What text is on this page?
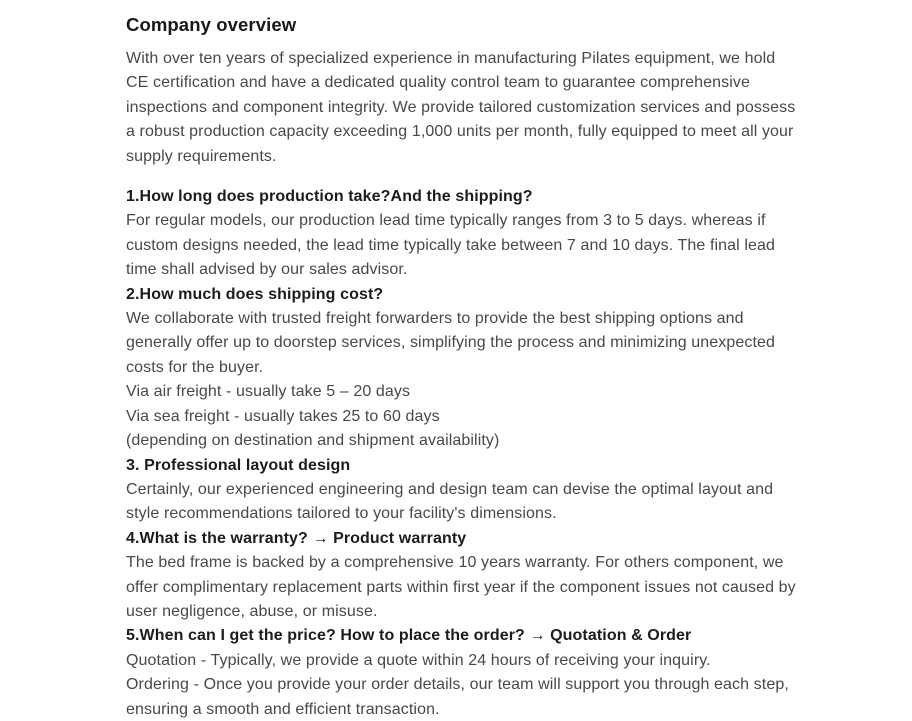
Company overview

With over ten years of specialized experience in manufacturing Pilates equipment, we hold CE certification and have a dedicated quality control team to guarantee comprehensive inspections and component integrity. We provide tailored customization services and possess a robust production capacity exceeding 1,000 units per month, fully equipped to meet all your supply requirements.

1.How long does production take?And the shipping?

For regular models, our production lead time typically ranges from 3 to 5 days. whereas if custom designs needed, the lead time typically take between 7 and 10 days. The final lead time shall advised by our sales advisor.

2.How much does shipping cost?

We collaborate with trusted freight forwarders to provide the best shipping options and generally offer up to doorstep services, simplifying the process and minimizing unexpected costs for the buyer.

Via air freight - usually take 5 – 20 days

Via sea freight - usually takes 25 to 60 days

(depending on destination and shipment availability)

3. Professional layout design

Certainly, our experienced engineering and design team can devise the optimal layout and style recommendations tailored to your facility's dimensions.

4.What is the warranty? → Product warranty

The bed frame is backed by a comprehensive 10 years warranty. For others component, we offer complimentary replacement parts within first year if the component issues not caused by user negligence, abuse, or misuse.

5.When can I get the price? How to place the order? → Quotation & Order

Quotation - Typically, we provide a quote within 24 hours of receiving your inquiry.

Ordering - Once you provide your order details, our team will support you through each step, ensuring a smooth and efficient transaction.
